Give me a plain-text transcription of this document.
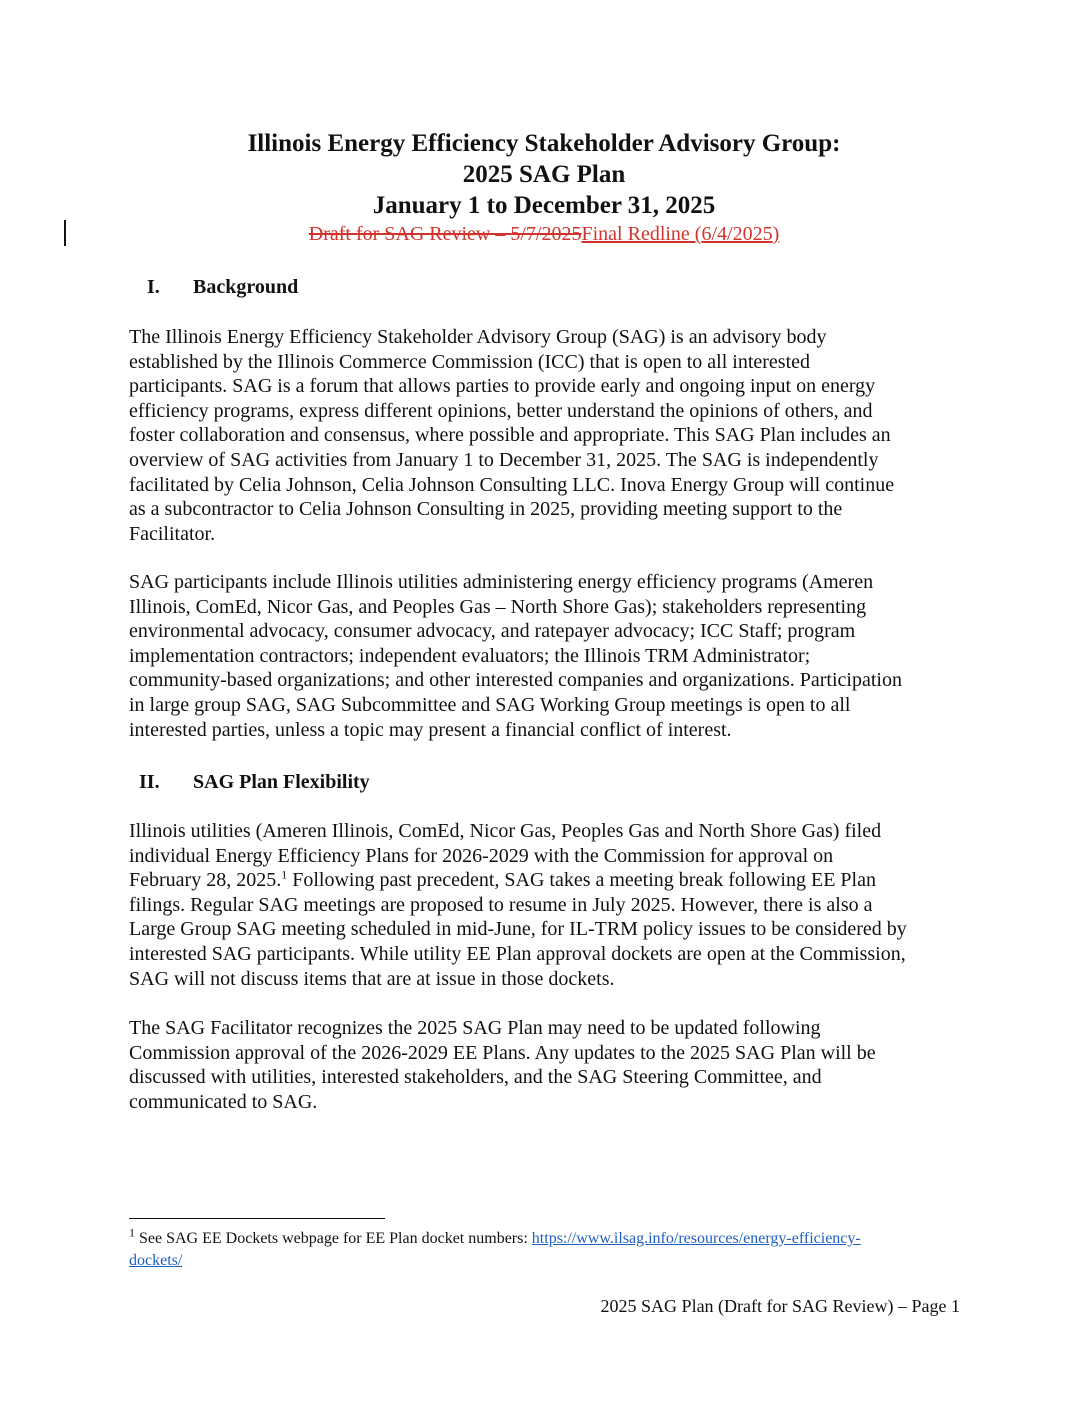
Illinois Energy Efficiency Stakeholder Advisory Group:

2025 SAG Plan

January 1 to December 31, 2025

Draft for SAG Review – 5/7/2025Final Redline (6/4/2025)

I. Background
The Illinois Energy Efficiency Stakeholder Advisory Group (SAG) is an advisory body
established by the Illinois Commerce Commission (ICC) that is open to all interested
participants. SAG is a forum that allows parties to provide early and ongoing input on energy
efficiency programs, express different opinions, better understand the opinions of others, and
foster collaboration and consensus, where possible and appropriate. This SAG Plan includes an
overview of SAG activities from January 1 to December 31, 2025. The SAG is independently
facilitated by Celia Johnson, Celia Johnson Consulting LLC. Inova Energy Group will continue
as a subcontractor to Celia Johnson Consulting in 2025, providing meeting support to the
Facilitator.
SAG participants include Illinois utilities administering energy efficiency programs (Ameren
Illinois, ComEd, Nicor Gas, and Peoples Gas – North Shore Gas); stakeholders representing
environmental advocacy, consumer advocacy, and ratepayer advocacy; ICC Staff; program
implementation contractors; independent evaluators; the Illinois TRM Administrator;
community-based organizations; and other interested companies and organizations. Participation
in large group SAG, SAG Subcommittee and SAG Working Group meetings is open to all
interested parties, unless a topic may present a financial conflict of interest.
II. SAG Plan Flexibility
Illinois utilities (Ameren Illinois, ComEd, Nicor Gas, Peoples Gas and North Shore Gas) filed
individual Energy Efficiency Plans for 2026-2029 with the Commission for approval on
February 28, 2025.$^1$ Following past precedent, SAG takes a meeting break following EE Plan
filings. Regular SAG meetings are proposed to resume in July 2025. However, there is also a
Large Group SAG meeting scheduled in mid-June, for IL-TRM policy issues to be considered by
interested SAG participants. While utility EE Plan approval dockets are open at the Commission,
SAG will not discuss items that are at issue in those dockets.
The SAG Facilitator recognizes the 2025 SAG Plan may need to be updated following
Commission approval of the 2026-2029 EE Plans. Any updates to the 2025 SAG Plan will be
discussed with utilities, interested stakeholders, and the SAG Steering Committee, and
communicated to SAG.
$^1$ See SAG EE Dockets webpage for EE Plan docket numbers: https://www.ilsag.info/resources/energy-efficiency-
dockets/
2025 SAG Plan (Draft for SAG Review) – Page 1
